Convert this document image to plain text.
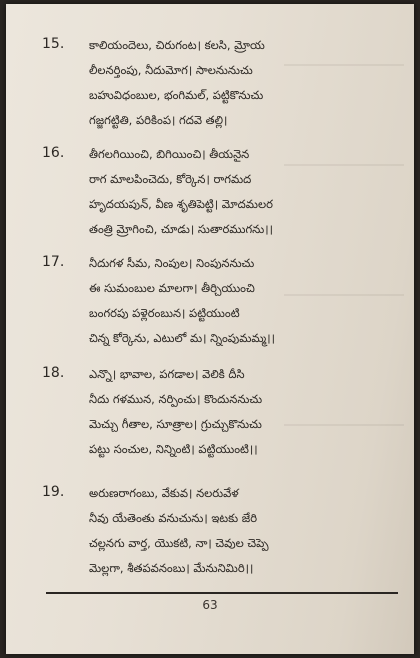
15. కాలియందెలు, చిరుగంట। కలసి, మ్రోయ
లీలనర్తింపు, నీదుమోగ। సాలనునుచు
బహువిధంబుల, భంగిమల్, పట్టికొనుచు
గజ్జగట్టితి, పరికింప। గదవె తల్లి।
16. తీగలగియించి, బిగియించి। తీయనైన
రాగ మాలపించెదు, కోర్కెన। రాగమద
హృదయపున్, వీణ శృతిపెట్టి। మోదమలర
తంత్రి మ్రోగించి, చూడు। సుతారముగను।।
17. నీదుగళ సీమ, నింపుల। నింపుననుచు
ఈ సుమంబుల మాలగా। తీర్చియుంచి
బంగరపు పళ్లెరంబున। పట్టియుంటి
చిన్న కోర్కెను, ఎటులో మ। న్నింపుమమ్మ।।
18. ఎన్నొ। భావాల, పగడాల। వెలికి దీసి
నీదు గళమున, నర్పించు। కొందుననుచు
మెచ్చు గీతాల, సూత్రాల। గ్రుచ్చుకొనుచు
పట్టు సంచుల, నిన్నింటి। పట్టియుంటి।।
19. అరుణరాగంబు, వేకువ। నలరువేళ
నీవు యేతెంతు వనుచును। ఇటకు జేరి
చల్లనగు వార్త, యొకటి, నా। చెవుల చెప్పె
మెల్లగా, శీతపవనంబు। మేనునిమిరి।।
63
